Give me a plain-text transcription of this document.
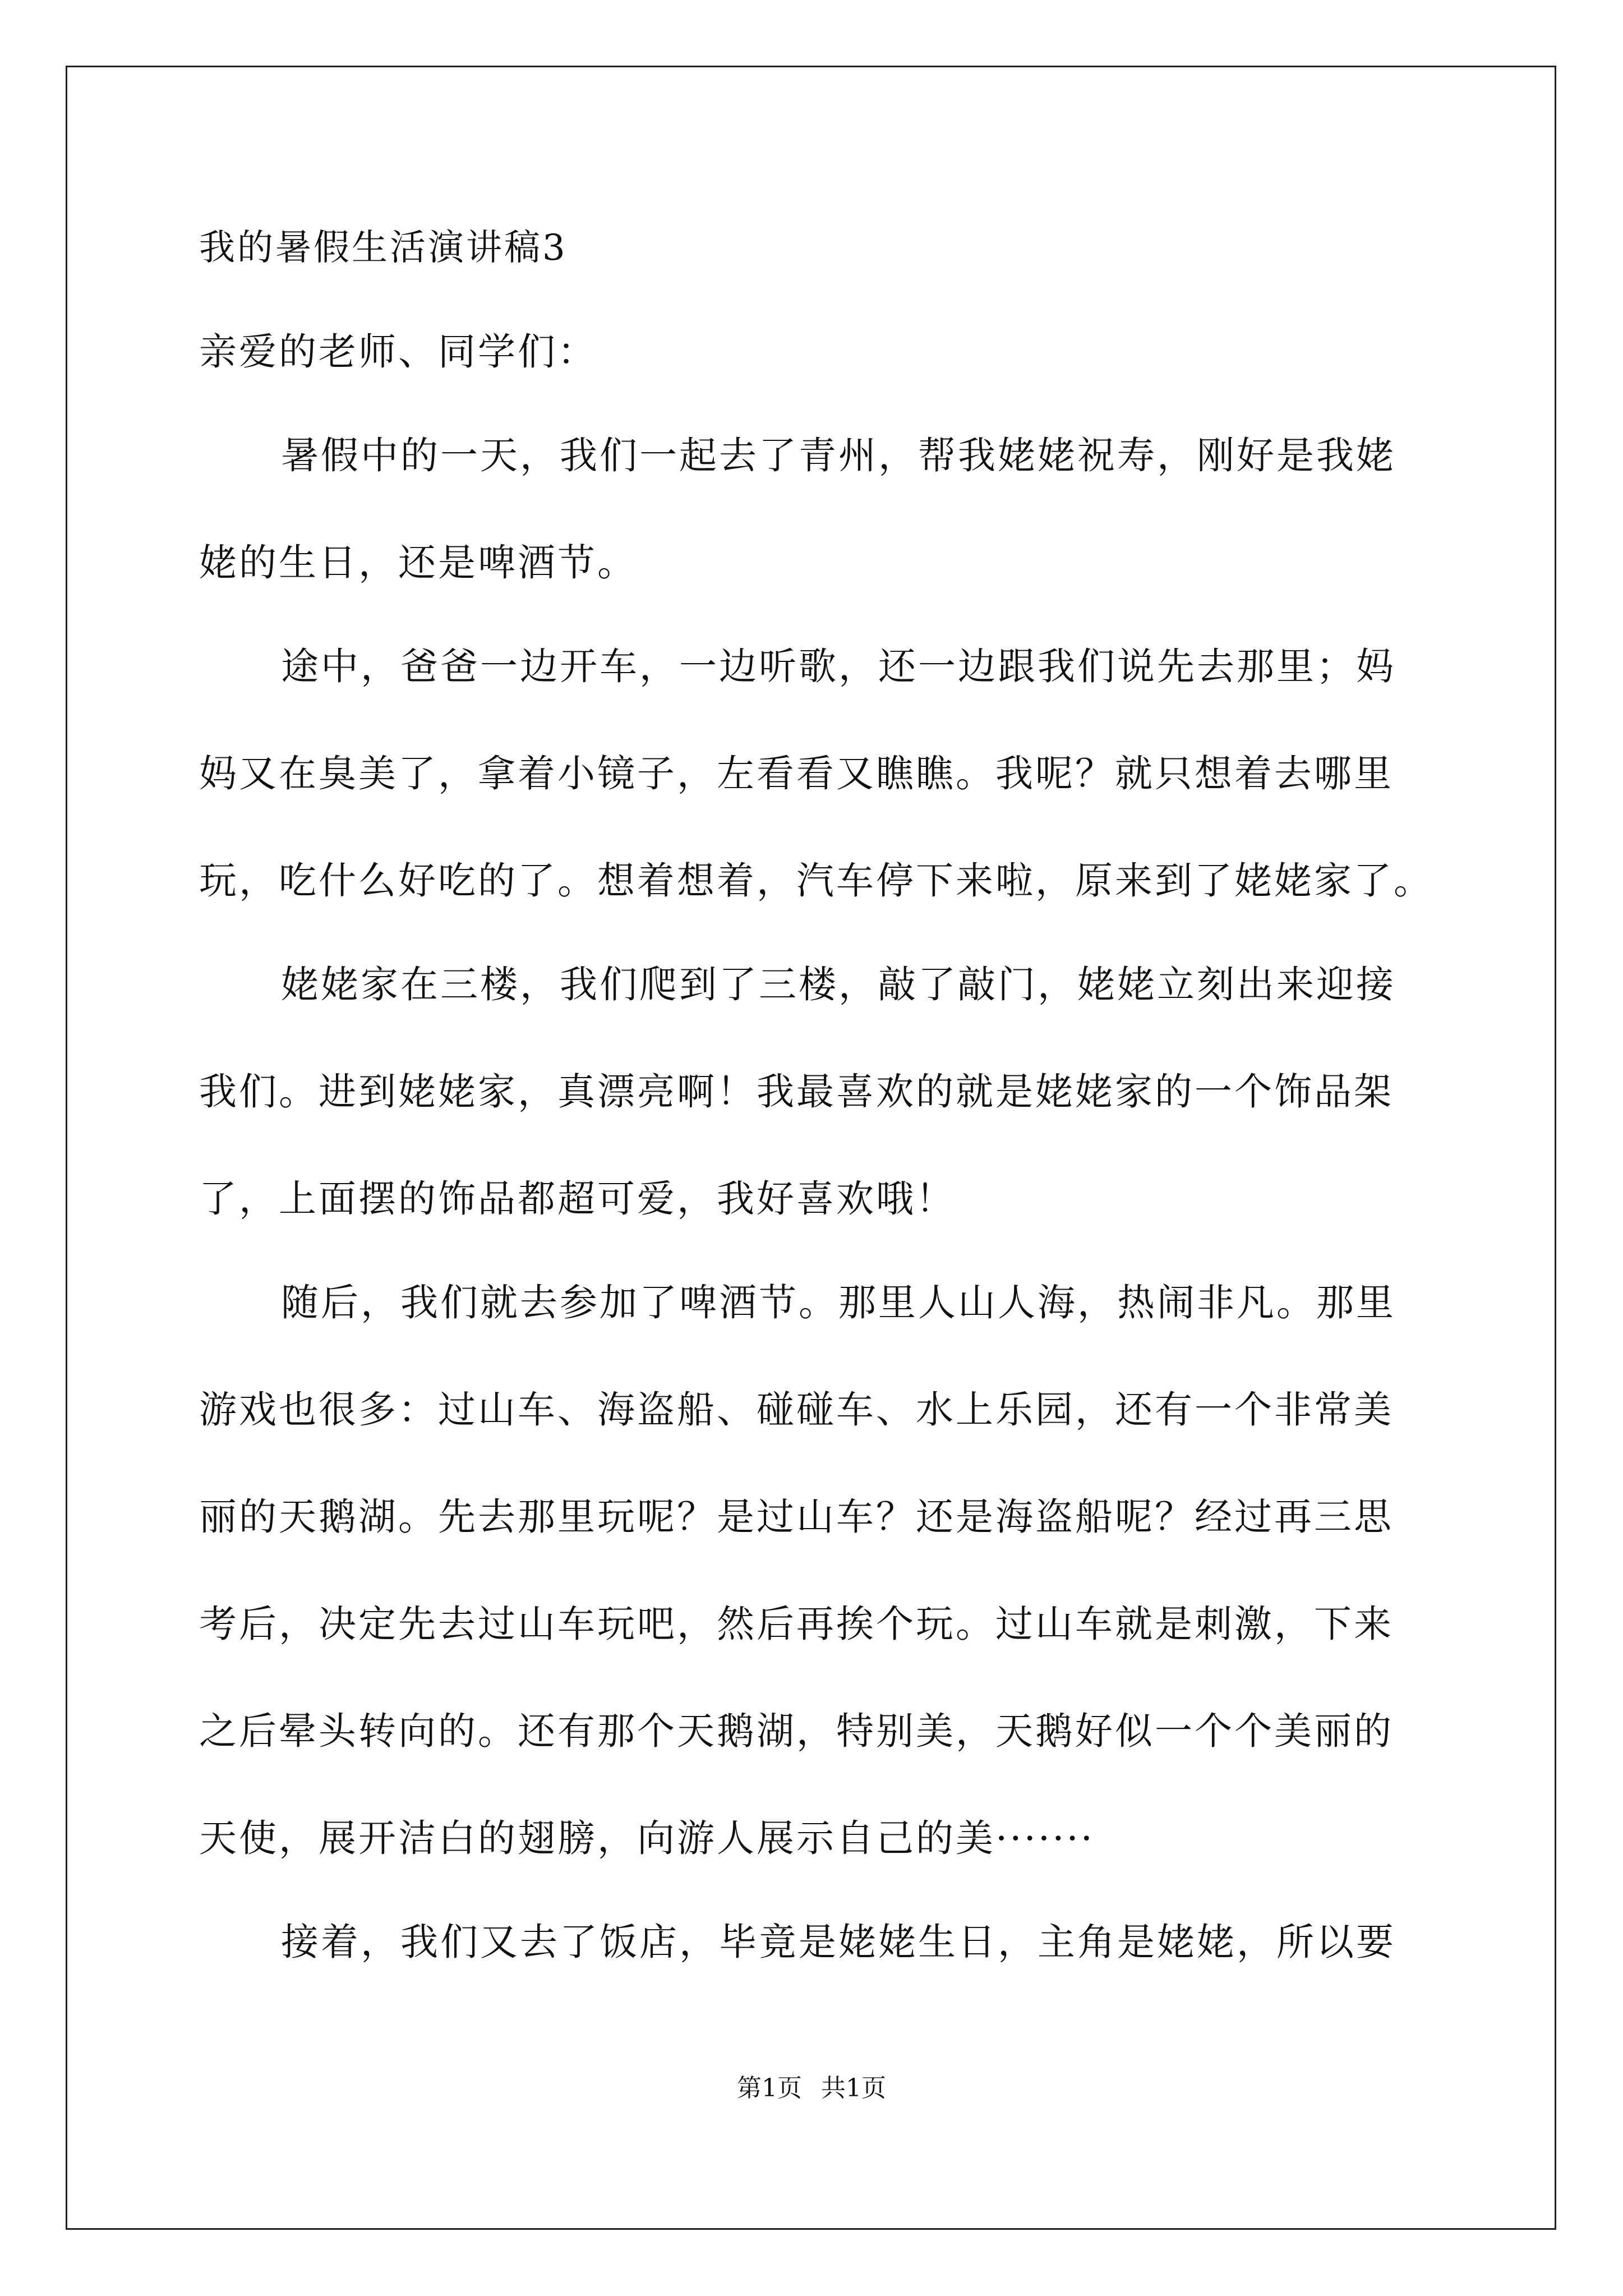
我的暑假生活演讲稿3

亲爱的老师、同学们：

暑假中的一天，我们一起去了青州，帮我姥姥祝寿，刚好是我姥

姥的生日，还是啤酒节。

途中，爸爸一边开车，一边听歌，还一边跟我们说先去那里；妈

妈又在臭美了，拿着小镜子，左看看又瞧瞧。我呢？就只想着去哪里

玩，吃什么好吃的了。想着想着，汽车停下来啦，原来到了姥姥家了。

姥姥家在三楼，我们爬到了三楼，敲了敲门，姥姥立刻出来迎接

我们。进到姥姥家，真漂亮啊！我最喜欢的就是姥姥家的一个饰品架

了，上面摆的饰品都超可爱，我好喜欢哦！

随后，我们就去参加了啤酒节。那里人山人海，热闹非凡。那里

游戏也很多：过山车、海盗船、碰碰车、水上乐园，还有一个非常美

丽的天鹅湖。先去那里玩呢？是过山车？还是海盗船呢？经过再三思

考后，决定先去过山车玩吧，然后再挨个玩。过山车就是刺激，下来

之后晕头转向的。还有那个天鹅湖，特别美，天鹅好似一个个美丽的

天使，展开洁白的翅膀，向游人展示自己的美·······

接着，我们又去了饭店，毕竟是姥姥生日，主角是姥姥，所以要

第1页 共1页
